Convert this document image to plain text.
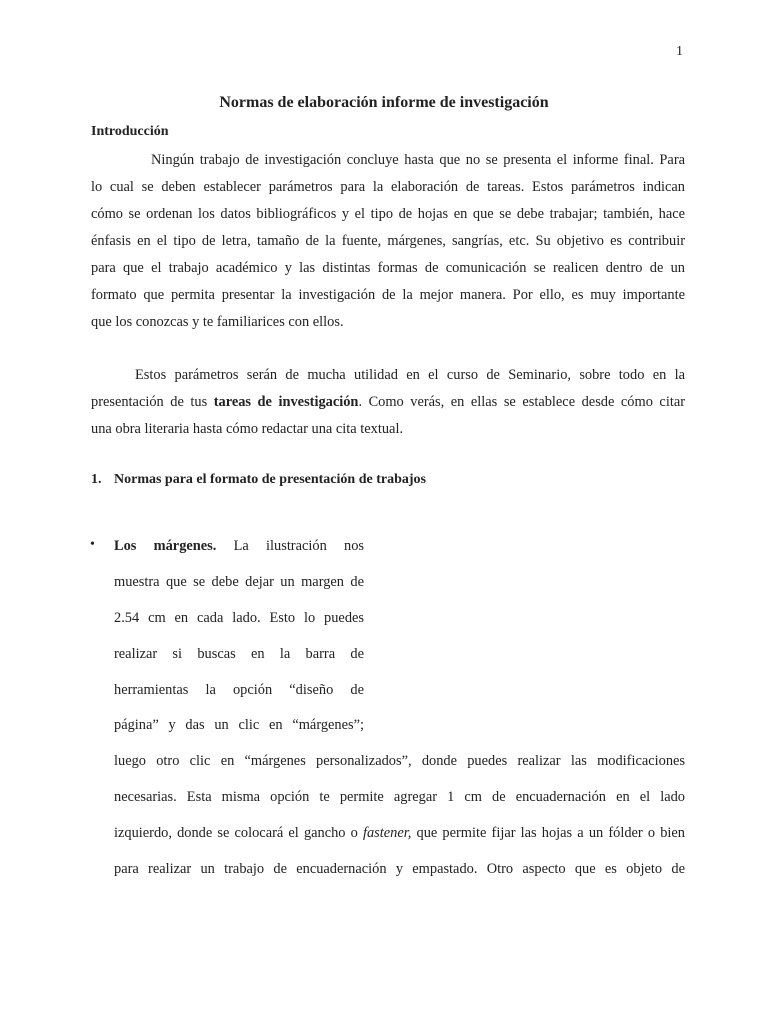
1
Normas de elaboración informe de investigación
Introducción
Ningún trabajo de investigación concluye hasta que no se presenta el informe final. Para
lo cual se deben establecer parámetros para la elaboración de tareas. Estos parámetros indican
cómo se ordenan los datos bibliográficos y el tipo de hojas en que se debe trabajar; también, hace
énfasis en el tipo de letra, tamaño de la fuente, márgenes, sangrías, etc. Su objetivo es contribuir
para que el trabajo académico y las distintas formas de comunicación se realicen dentro de un
formato que permita presentar la investigación de la mejor manera. Por ello, es muy importante
que los conozcas y te familiarices con ellos.
Estos parámetros serán de mucha utilidad en el curso de Seminario, sobre todo en la
presentación de tus tareas de investigación. Como verás, en ellas se establece desde cómo citar
una obra literaria hasta cómo redactar una cita textual.
1. Normas para el formato de presentación de trabajos
• Los márgenes. La ilustración nos
muestra que se debe dejar un margen de
2.54 cm en cada lado. Esto lo puedes
realizar si buscas en la barra de
herramientas la opción “diseño de
página” y das un clic en “márgenes”;
luego otro clic en “márgenes personalizados”, donde puedes realizar las modificaciones
necesarias. Esta misma opción te permite agregar 1 cm de encuadernación en el lado
izquierdo, donde se colocará el gancho o fastener, que permite fijar las hojas a un fólder o bien
para realizar un trabajo de encuadernación y empastado. Otro aspecto que es objeto de
